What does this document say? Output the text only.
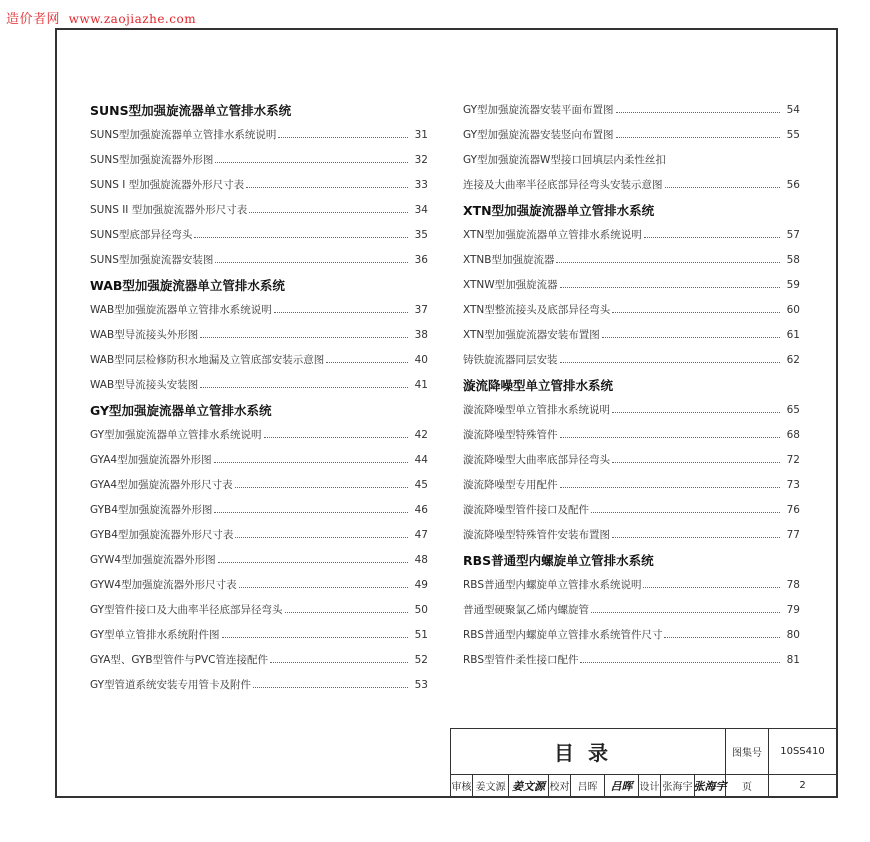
造价者网 www.zaojiazhe.com
SUNS型加强旋流器单立管排水系统
SUNS型加强旋流器单立管排水系统说明	31
SUNS型加强旋流器外形图	32
SUNS I 型加强旋流器外形尺寸表	33
SUNS II 型加强旋流器外形尺寸表	34
SUNS型底部异径弯头	35
SUNS型加强旋流器安装图	36
WAB型加强旋流器单立管排水系统
WAB型加强旋流器单立管排水系统说明	37
WAB型导流接头外形图	38
WAB型同层检修防积水地漏及立管底部安装示意图	40
WAB型导流接头安装图	41
GY型加强旋流器单立管排水系统
GY型加强旋流器单立管排水系统说明	42
GYA4型加强旋流器外形图	44
GYA4型加强旋流器外形尺寸表	45
GYB4型加强旋流器外形图	46
GYB4型加强旋流器外形尺寸表	47
GYW4型加强旋流器外形图	48
GYW4型加强旋流器外形尺寸表	49
GY型管件接口及大曲率半径底部异径弯头	50
GY型单立管排水系统附件图	51
GYA型、GYB型管件与PVC管连接配件	52
GY型管道系统安装专用管卡及附件	53
GY型加强旋流器安装平面布置图	54
GY型加强旋流器安装竖向布置图	55
GY型加强旋流器W型接口回填层内柔性丝扣
连接及大曲率半径底部异径弯头安装示意图	56
XTN型加强旋流器单立管排水系统
XTN型加强旋流器单立管排水系统说明	57
XTNB型加强旋流器	58
XTNW型加强旋流器	59
XTN型整流接头及底部异径弯头	60
XTN型加强旋流器安装布置图	61
铸铁旋流器同层安装	62
漩流降噪型单立管排水系统
漩流降噪型单立管排水系统说明	65
漩流降噪型特殊管件	68
漩流降噪型大曲率底部异径弯头	72
漩流降噪型专用配件	73
漩流降噪型管件接口及配件	76
漩流降噪型特殊管件安装布置图	77
RBS普通型内螺旋单立管排水系统
RBS普通型内螺旋单立管排水系统说明	78
普通型硬聚氯乙烯内螺旋管	79
RBS普通型内螺旋单立管排水系统管件尺寸	80
RBS型管件柔性接口配件	81
目录	图集号	10SS410
审核 姜文源 姜文源 校对 吕晖	吕晖 设计 张海宇 张海宇	页	2
